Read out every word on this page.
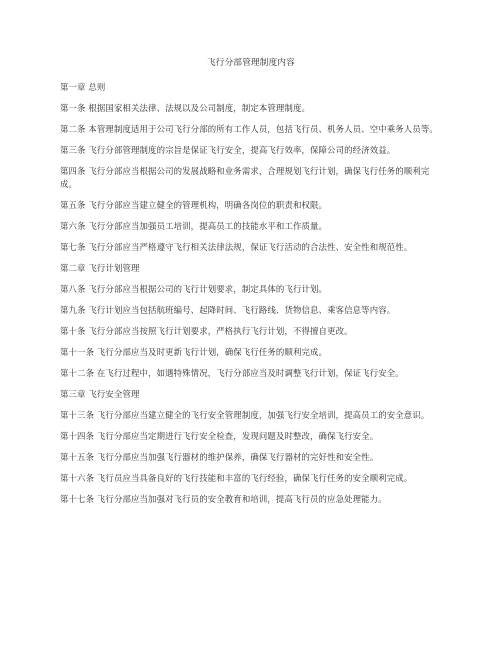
飞行分部管理制度内容

第一章 总则

第一条 根据国家相关法律、法规以及公司制度，制定本管理制度。

第二条 本管理制度适用于公司飞行分部的所有工作人员，包括飞行员、机务人员、空中乘务人员等。

第三条 飞行分部管理制度的宗旨是保证飞行安全，提高飞行效率，保障公司的经济效益。

第四条 飞行分部应当根据公司的发展战略和业务需求，合理规划飞行计划，确保飞行任务的顺利完成。

第五条 飞行分部应当建立健全的管理机构，明确各岗位的职责和权限。

第六条 飞行分部应当加强员工培训，提高员工的技能水平和工作质量。

第七条 飞行分部应当严格遵守飞行相关法律法规，保证飞行活动的合法性、安全性和规范性。

第二章 飞行计划管理

第八条 飞行分部应当根据公司的飞行计划要求，制定具体的飞行计划。

第九条 飞行计划应当包括航班编号、起降时间、飞行路线、货物信息、乘客信息等内容。

第十条 飞行分部应当按照飞行计划要求，严格执行飞行计划，不得擅自更改。

第十一条 飞行分部应当及时更新飞行计划，确保飞行任务的顺利完成。

第十二条 在飞行过程中，如遇特殊情况，飞行分部应当及时调整飞行计划，保证飞行安全。

第三章 飞行安全管理

第十三条 飞行分部应当建立健全的飞行安全管理制度，加强飞行安全培训，提高员工的安全意识。

第十四条 飞行分部应当定期进行飞行安全检查，发现问题及时整改，确保飞行安全。

第十五条 飞行分部应当加强飞行器材的维护保养，确保飞行器材的完好性和安全性。

第十六条 飞行员应当具备良好的飞行技能和丰富的飞行经验，确保飞行任务的安全顺利完成。

第十七条 飞行分部应当加强对飞行员的安全教育和培训，提高飞行员的应急处理能力。
